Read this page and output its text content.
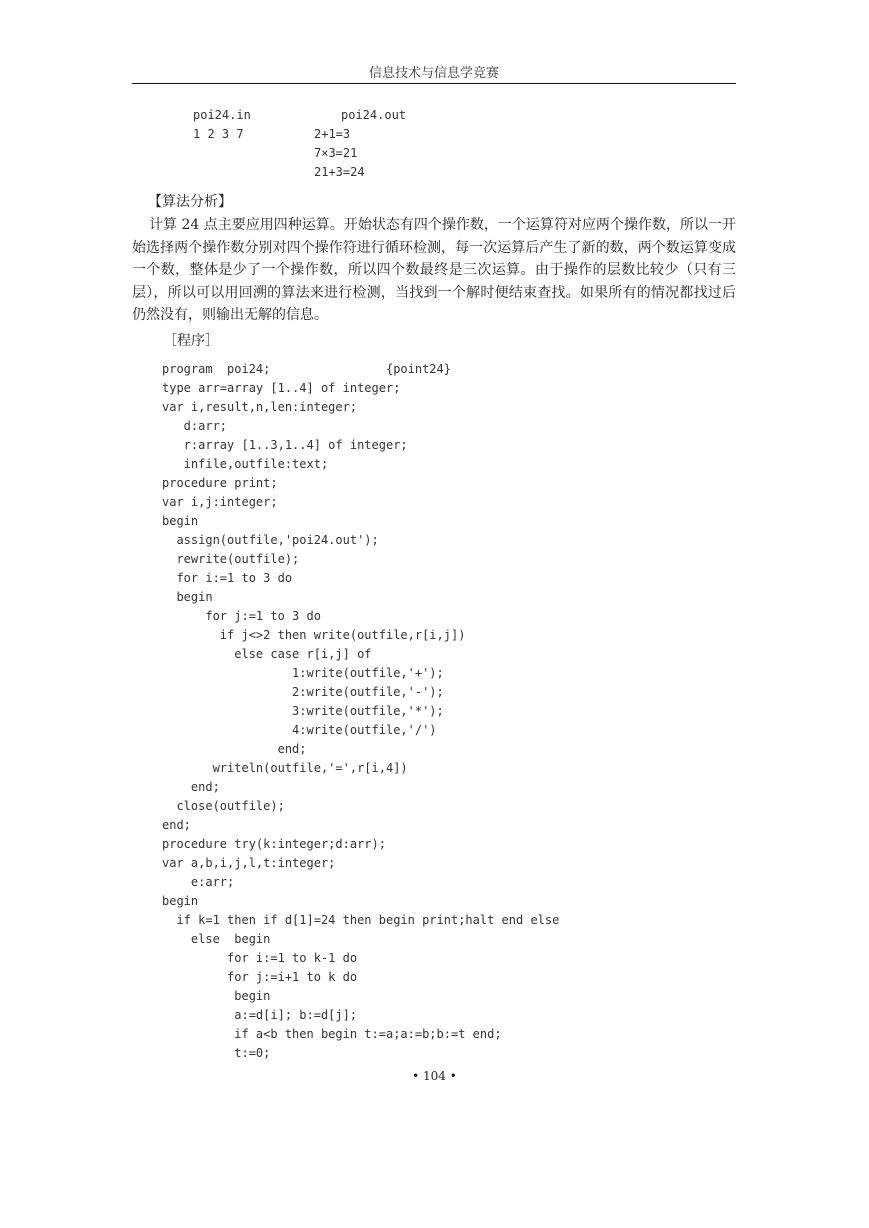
信息技术与信息学竞赛
poi24.in	poi24.out
1 2 3 7	2+1=3
7×3=21
21+3=24
【算法分析】

计算 24 点主要应用四种运算。开始状态有四个操作数，一个运算符对应两个操作数，所以一开始选择两个操作数分别对四个操作符进行循环检测，每一次运算后产生了新的数，两个数运算变成一个数，整体是少了一个操作数，所以四个数最终是三次运算。由于操作的层数比较少（只有三层），所以可以用回溯的算法来进行检测，当找到一个解时便结束查找。如果所有的情况都找过后仍然没有，则输出无解的信息。

［程序］
program  poi24;                {point24}
type arr=array [1..4] of integer;
var i,result,n,len:integer;
d:arr;
r:array [1..3,1..4] of integer;
infile,outfile:text;
procedure print;
var i,j:integer;
begin
assign(outfile,'poi24.out');
rewrite(outfile);
for i:=1 to 3 do
begin
for j:=1 to 3 do
if j<>2 then write(outfile,r[i,j])
else case r[i,j] of
1:write(outfile,'+');
2:write(outfile,'-');
3:write(outfile,'*');
4:write(outfile,'/')
end;
writeln(outfile,'=',r[i,4])
end;
close(outfile);
end;
procedure try(k:integer;d:arr);
var a,b,i,j,l,t:integer;
e:arr;
begin
if k=1 then if d[1]=24 then begin print;halt end else
else  begin
for i:=1 to k-1 do
for j:=i+1 to k do
begin
a:=d[i]; b:=d[j];
if a<b then begin t:=a;a:=b;b:=t end;
t:=0;
• 104 •
